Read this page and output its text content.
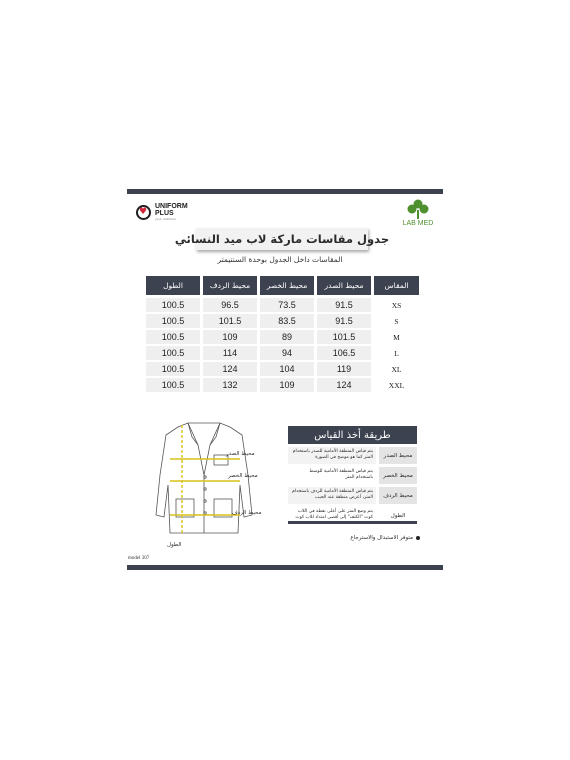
♥ UNIFORM
PLUS
your uniforms
LAB MED
جدول مقاسات ماركة لاب ميد النسائي
المقاسات داخل الجدول بوحدة السنتيمتر
المقاس
محيط الصدر
محيط الخصر
محيط الردف
الطول
XS
91.5
73.5
96.5
100.5
S
91.5
83.5
101.5
100.5
M
101.5
89
109
100.5
L
106.5
94
114
100.5
XL
119
104
124
100.5
XXL
124
109
132
100.5
محيط الصدر
محيط الخصر
محيط الردف
الطول
طريقة أخذ القياس
محيط الصدر
يتم قياس المنطقة الأمامية للصدر باستخدام المتر كما هو موضح في الصورة
محيط الخصر
يتم قياس المنطقة الأمامية للوسط باستخدام المتر
محيط الردف
يتم قياس المنطقة الأمامية للردف باستخدام المتر، أعرض منطقة عند الجيب
الطول
يتم وضع المتر على أعلى نقطة في اللاب كوت "الكتف" إلى أقصى امتداد للاب كوت
متوفر الاستبدال والاسترجاع
model 307
